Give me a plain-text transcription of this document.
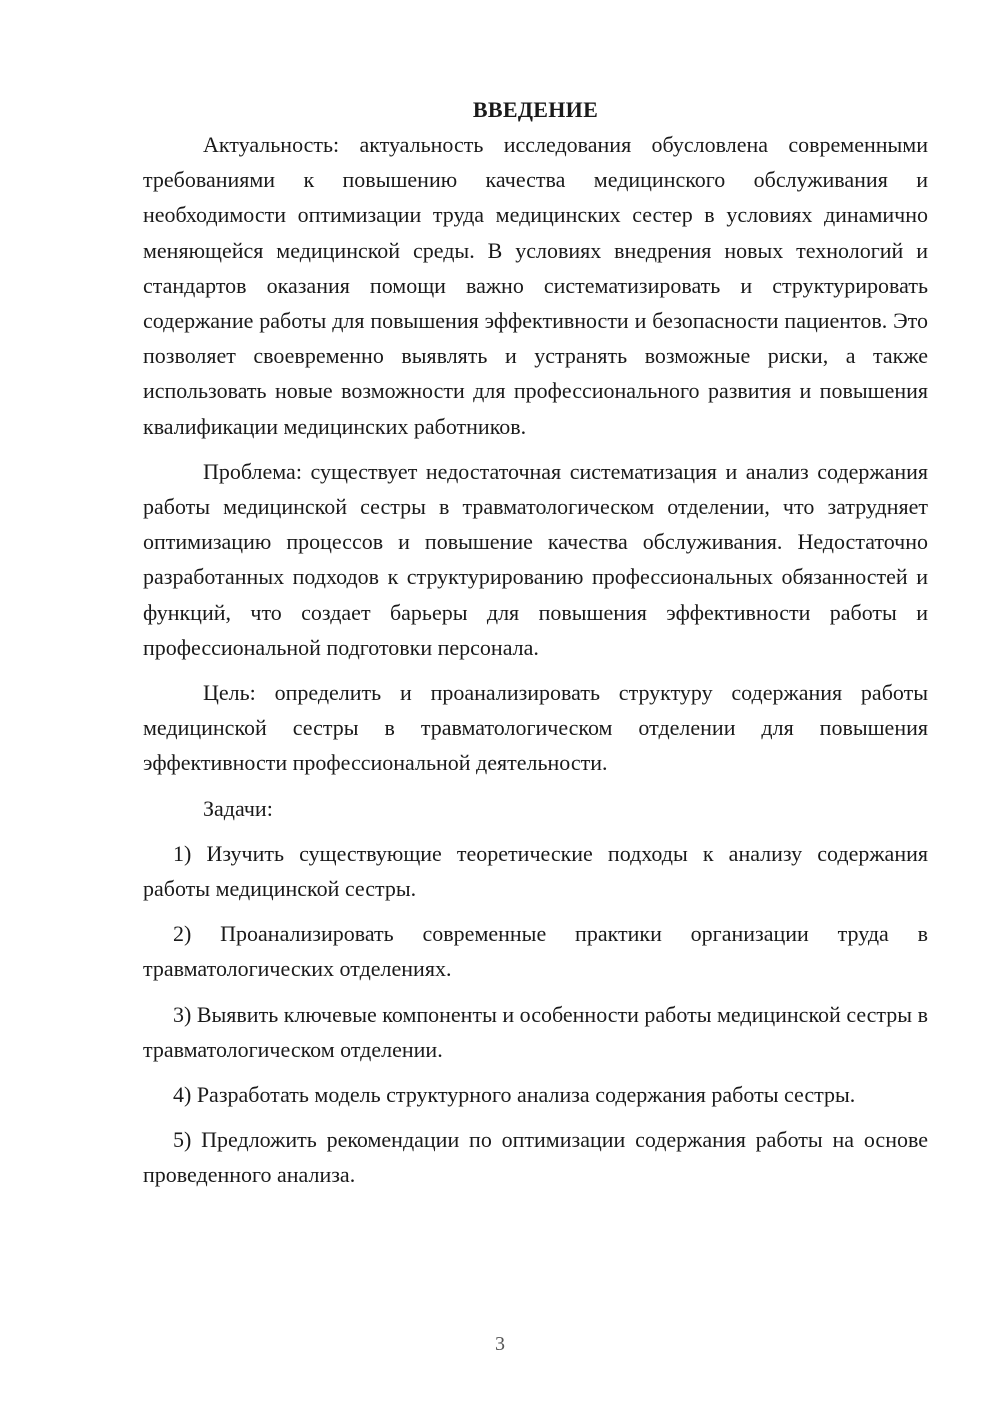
ВВЕДЕНИЕ

Актуальность: актуальность исследования обусловлена современными требованиями к повышению качества медицинского обслуживания и необходимости оптимизации труда медицинских сестер в условиях динамично меняющейся медицинской среды. В условиях внедрения новых технологий и стандартов оказания помощи важно систематизировать и структурировать содержание работы для повышения эффективности и безопасности пациентов. Это позволяет своевременно выявлять и устранять возможные риски, а также использовать новые возможности для профессионального развития и повышения квалификации медицинских работников.

Проблема: существует недостаточная систематизация и анализ содержания работы медицинской сестры в травматологическом отделении, что затрудняет оптимизацию процессов и повышение качества обслуживания. Недостаточно разработанных подходов к структурированию профессиональных обязанностей и функций, что создает барьеры для повышения эффективности работы и профессиональной подготовки персонала.

Цель: определить и проанализировать структуру содержания работы медицинской сестры в травматологическом отделении для повышения эффективности профессиональной деятельности.

Задачи:

1) Изучить существующие теоретические подходы к анализу содержания работы медицинской сестры.

2) Проанализировать современные практики организации труда в травматологических отделениях.

3) Выявить ключевые компоненты и особенности работы медицинской сестры в травматологическом отделении.

4) Разработать модель структурного анализа содержания работы сестры.

5) Предложить рекомендации по оптимизации содержания работы на основе проведенного анализа.

3
